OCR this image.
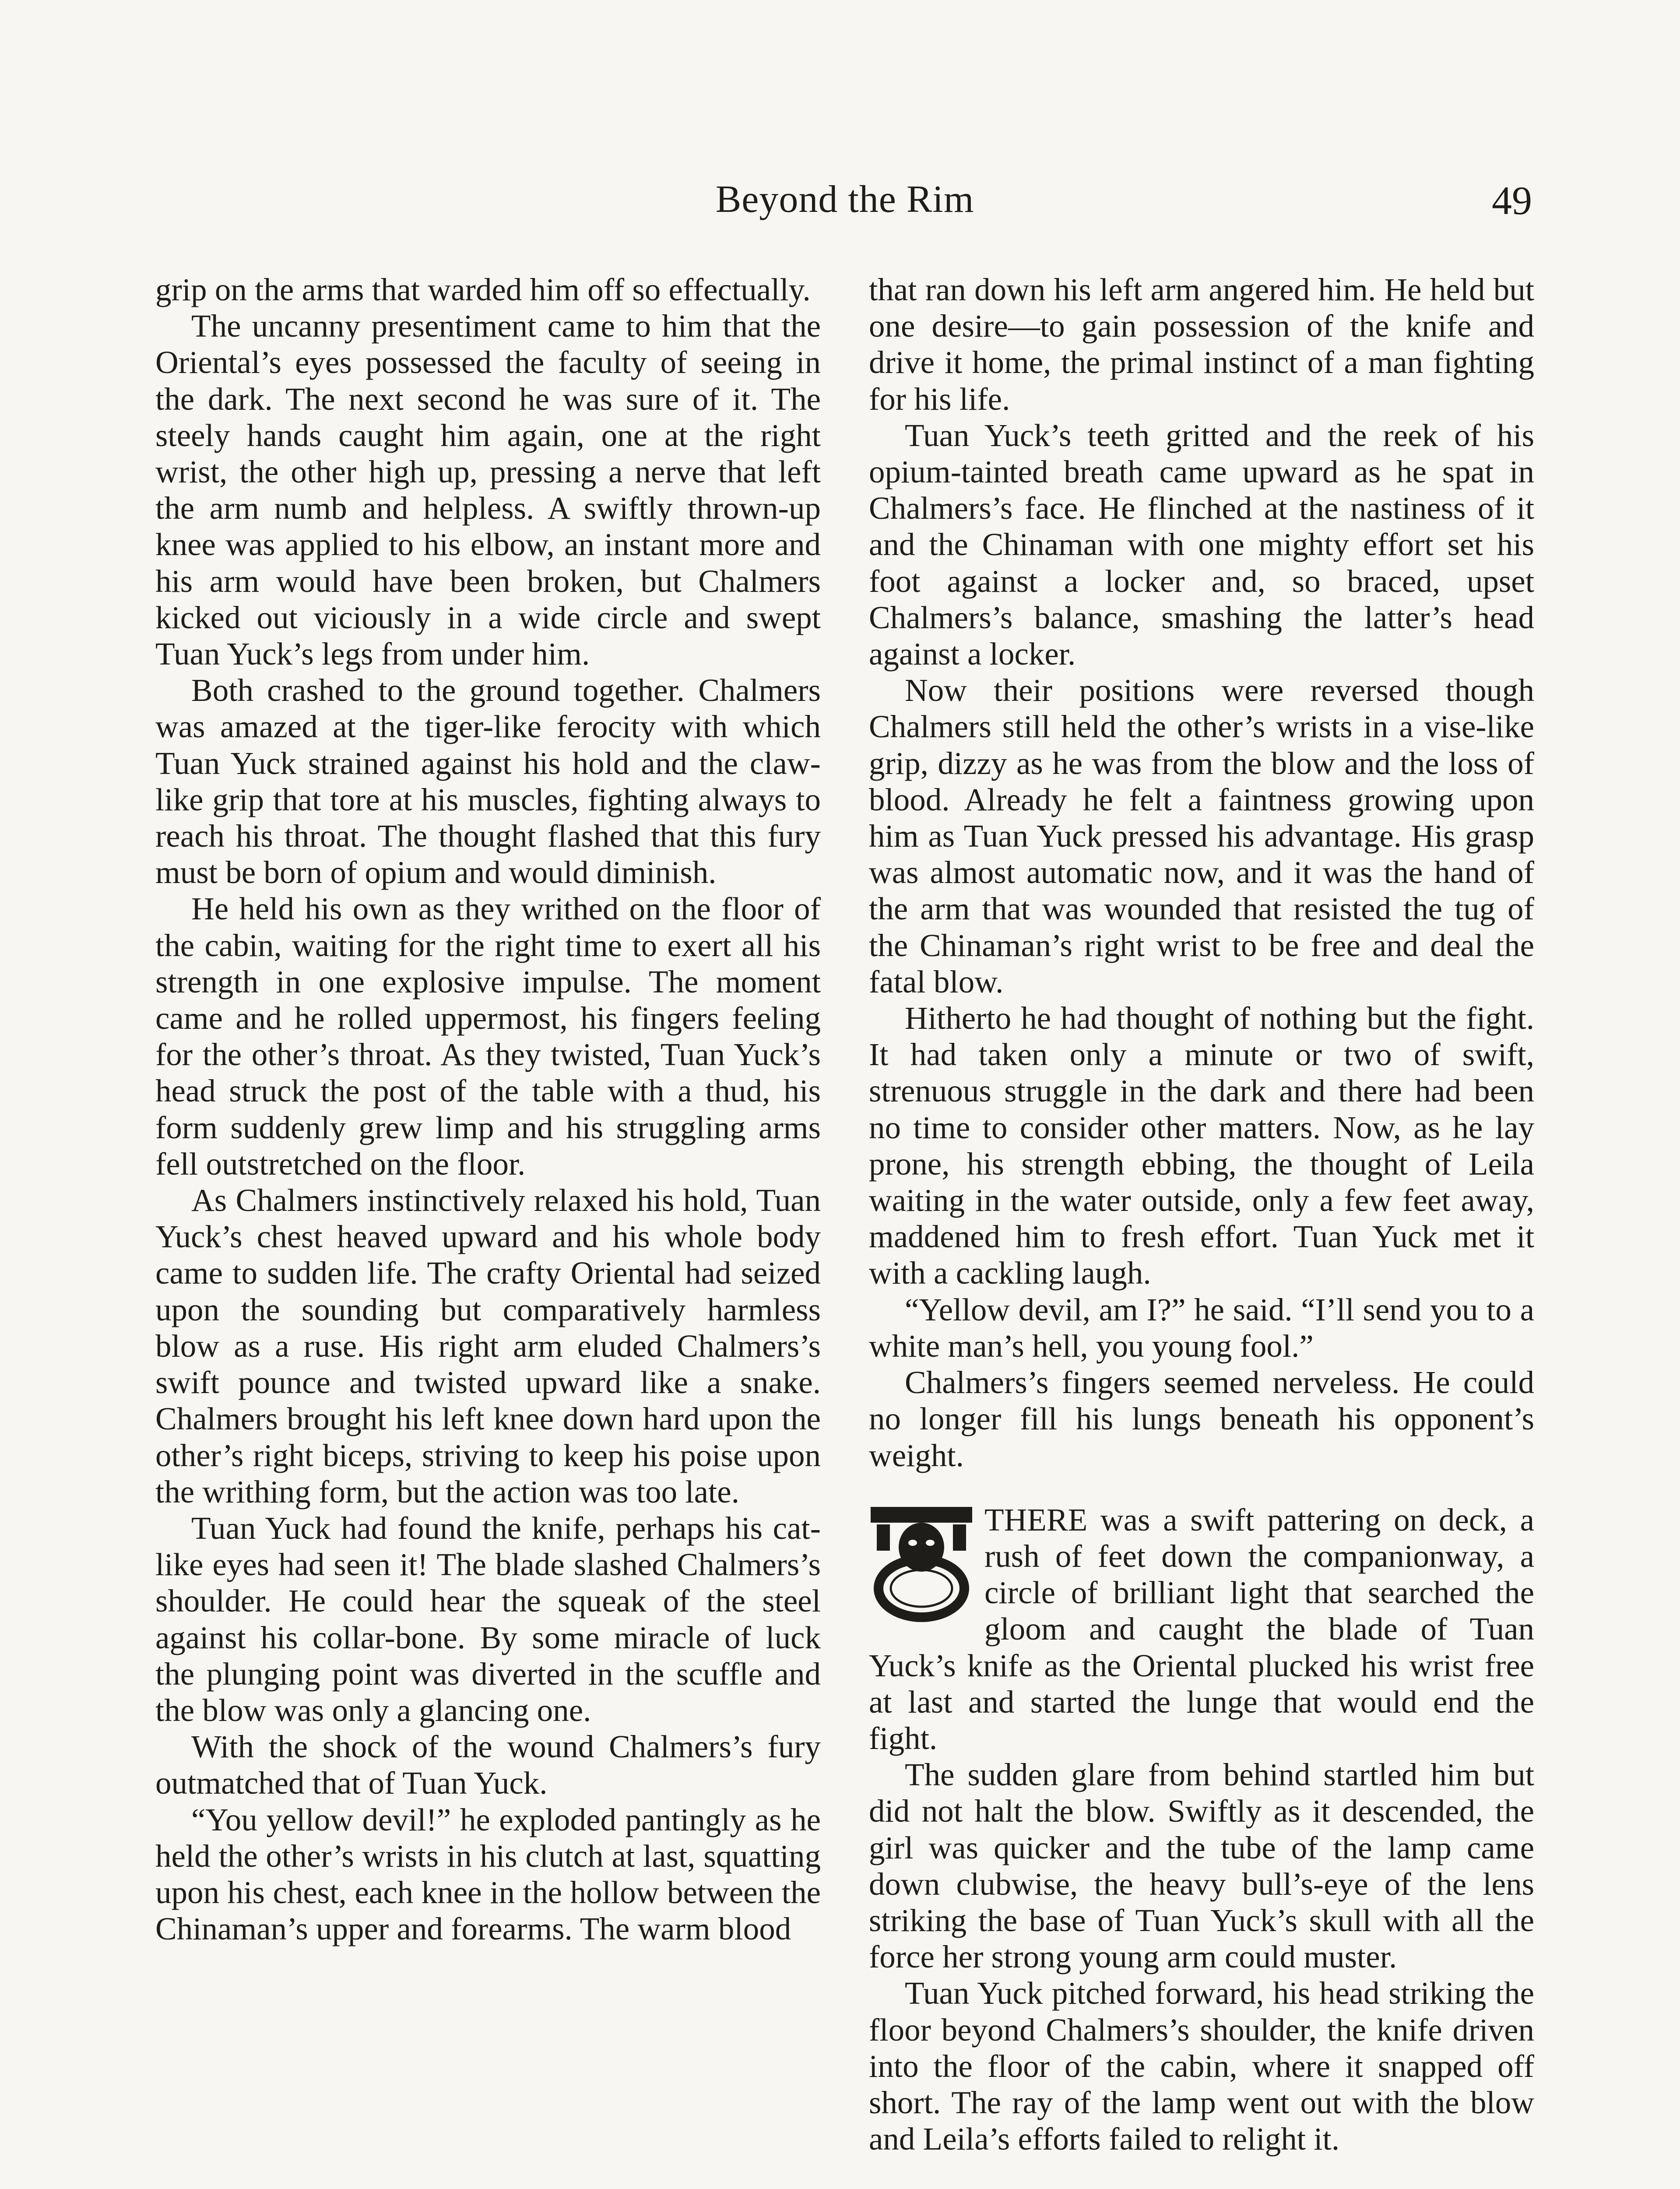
Beyond the Rim	49

grip on the arms that warded him off so effectually.

The uncanny presentiment came to him that the Oriental’s eyes possessed the faculty of seeing in the dark. The next second he was sure of it. The steely hands caught him again, one at the right wrist, the other high up, pressing a nerve that left the arm numb and helpless. A swiftly thrown-up knee was applied to his elbow, an instant more and his arm would have been broken, but Chalmers kicked out viciously in a wide circle and swept Tuan Yuck’s legs from under him.

Both crashed to the ground together. Chalmers was amazed at the tiger-like ferocity with which Tuan Yuck strained against his hold and the claw-like grip that tore at his muscles, fighting always to reach his throat. The thought flashed that this fury must be born of opium and would diminish.

He held his own as they writhed on the floor of the cabin, waiting for the right time to exert all his strength in one explosive impulse. The moment came and he rolled uppermost, his fingers feeling for the other’s throat. As they twisted, Tuan Yuck’s head struck the post of the table with a thud, his form suddenly grew limp and his struggling arms fell outstretched on the floor.

As Chalmers instinctively relaxed his hold, Tuan Yuck’s chest heaved upward and his whole body came to sudden life. The crafty Oriental had seized upon the sounding but comparatively harmless blow as a ruse. His right arm eluded Chalmers’s swift pounce and twisted upward like a snake. Chalmers brought his left knee down hard upon the other’s right biceps, striving to keep his poise upon the writhing form, but the action was too late.

Tuan Yuck had found the knife, perhaps his cat-like eyes had seen it! The blade slashed Chalmers’s shoulder. He could hear the squeak of the steel against his collar-bone. By some miracle of luck the plunging point was diverted in the scuffle and the blow was only a glancing one.

With the shock of the wound Chalmers’s fury outmatched that of Tuan Yuck.

“You yellow devil!” he exploded pantingly as he held the other’s wrists in his clutch at last, squatting upon his chest, each knee in the hollow between the Chinaman’s upper and forearms. The warm blood

that ran down his left arm angered him. He held but one desire—to gain possession of the knife and drive it home, the primal instinct of a man fighting for his life.

Tuan Yuck’s teeth gritted and the reek of his opium-tainted breath came upward as he spat in Chalmers’s face. He flinched at the nastiness of it and the Chinaman with one mighty effort set his foot against a locker and, so braced, upset Chalmers’s balance, smashing the latter’s head against a locker.

Now their positions were reversed though Chalmers still held the other’s wrists in a vise-like grip, dizzy as he was from the blow and the loss of blood. Already he felt a faintness growing upon him as Tuan Yuck pressed his advantage. His grasp was almost automatic now, and it was the hand of the arm that was wounded that resisted the tug of the Chinaman’s right wrist to be free and deal the fatal blow.

Hitherto he had thought of nothing but the fight. It had taken only a minute or two of swift, strenuous struggle in the dark and there had been no time to consider other matters. Now, as he lay prone, his strength ebbing, the thought of Leila waiting in the water outside, only a few feet away, maddened him to fresh effort. Tuan Yuck met it with a cackling laugh.

“Yellow devil, am I?” he said. “I’ll send you to a white man’s hell, you young fool.”

Chalmers’s fingers seemed nerveless. He could no longer fill his lungs beneath his opponent’s weight.

THERE was a swift pattering on deck, a rush of feet down the companionway, a circle of brilliant light that searched the gloom and caught the blade of Tuan Yuck’s knife as the Oriental plucked his wrist free at last and started the lunge that would end the fight.

The sudden glare from behind startled him but did not halt the blow. Swiftly as it descended, the girl was quicker and the tube of the lamp came down clubwise, the heavy bull’s-eye of the lens striking the base of Tuan Yuck’s skull with all the force her strong young arm could muster.

Tuan Yuck pitched forward, his head striking the floor beyond Chalmers’s shoulder, the knife driven into the floor of the cabin, where it snapped off short. The ray of the lamp went out with the blow and Leila’s efforts failed to relight it.
